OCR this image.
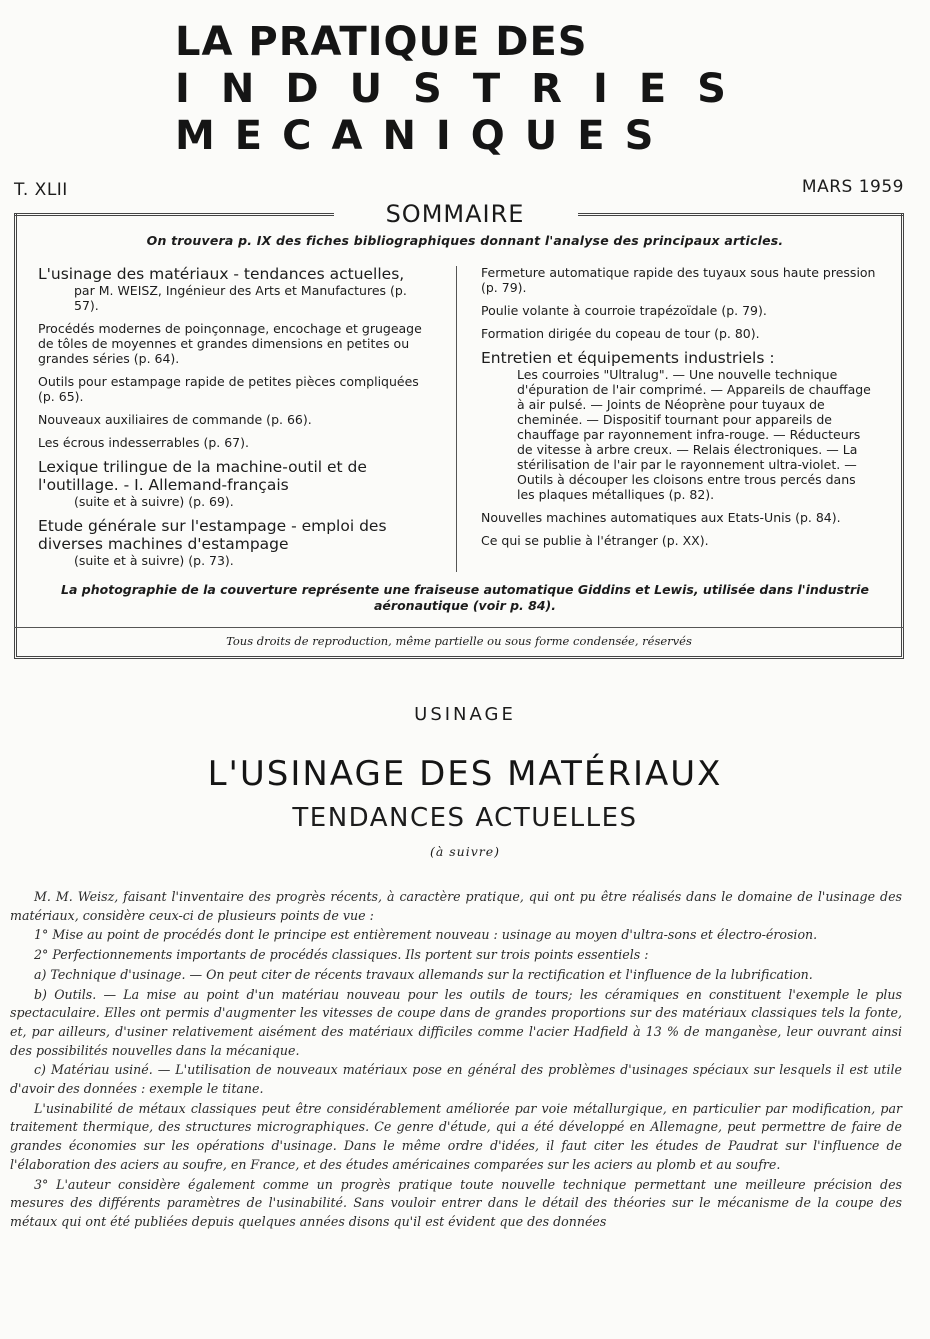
LA PRATIQUE DES
INDUSTRIES
MECANIQUES
T. XLII	MARS 1959
SOMMAIRE
On trouvera p. IX des fiches bibliographiques donnant l'analyse des principaux articles.
L'usinage des matériaux - tendances actuelles,
par M. WEISZ, Ingénieur des Arts et Manufactures (p. 57).
Procédés modernes de poinçonnage, encochage et grugeage de tôles de moyennes et grandes dimensions en petites ou grandes séries (p. 64).
Outils pour estampage rapide de petites pièces compliquées (p. 65).
Nouveaux auxiliaires de commande (p. 66).
Les écrous indesserrables (p. 67).
Lexique trilingue de la machine-outil et de l'outillage. - I. Allemand-français
(suite et à suivre) (p. 69).
Etude générale sur l'estampage - emploi des diverses machines d'estampage
(suite et à suivre) (p. 73).
Fermeture automatique rapide des tuyaux sous haute pression (p. 79).
Poulie volante à courroie trapézoïdale (p. 79).
Formation dirigée du copeau de tour (p. 80).
Entretien et équipements industriels :
Les courroies "Ultralug". — Une nouvelle technique d'épuration de l'air comprimé. — Appareils de chauffage à air pulsé. — Joints de Néoprène pour tuyaux de cheminée. — Dispositif tournant pour appareils de chauffage par rayonnement infra-rouge. — Réducteurs de vitesse à arbre creux. — Relais électroniques. — La stérilisation de l'air par le rayonnement ultra-violet. — Outils à découper les cloisons entre trous percés dans les plaques métalliques (p. 82).
Nouvelles machines automatiques aux Etats-Unis (p. 84).
Ce qui se publie à l'étranger (p. XX).
La photographie de la couverture représente une fraiseuse automatique Giddins et Lewis, utilisée dans l'industrie aéronautique (voir p. 84).
Tous droits de reproduction, même partielle ou sous forme condensée, réservés
USINAGE
L'USINAGE DES MATÉRIAUX
TENDANCES ACTUELLES
(à suivre)

M. M. Weisz, faisant l'inventaire des progrès récents, à caractère pratique, qui ont pu être réalisés dans le domaine de l'usinage des matériaux, considère ceux-ci de plusieurs points de vue :

1° Mise au point de procédés dont le principe est entièrement nouveau : usinage au moyen d'ultra-sons et électro-érosion.

2° Perfectionnements importants de procédés classiques. Ils portent sur trois points essentiels :

a) Technique d'usinage. — On peut citer de récents travaux allemands sur la rectification et l'influence de la lubrification.

b) Outils. — La mise au point d'un matériau nouveau pour les outils de tours; les céramiques en constituent l'exemple le plus spectaculaire. Elles ont permis d'augmenter les vitesses de coupe dans de grandes proportions sur des matériaux classiques tels la fonte, et, par ailleurs, d'usiner relativement aisément des matériaux difficiles comme l'acier Hadfield à 13 % de manganèse, leur ouvrant ainsi des possibilités nouvelles dans la mécanique.

c) Matériau usiné. — L'utilisation de nouveaux matériaux pose en général des problèmes d'usinages spéciaux sur lesquels il est utile d'avoir des données : exemple le titane.

L'usinabilité de métaux classiques peut être considérablement améliorée par voie métallurgique, en particulier par modification, par traitement thermique, des structures micrographiques. Ce genre d'étude, qui a été développé en Allemagne, peut permettre de faire de grandes économies sur les opérations d'usinage. Dans le même ordre d'idées, il faut citer les études de Paudrat sur l'influence de l'élaboration des aciers au soufre, en France, et des études américaines comparées sur les aciers au plomb et au soufre.

3° L'auteur considère également comme un progrès pratique toute nouvelle technique permettant une meilleure précision des mesures des différents paramètres de l'usinabilité. Sans vouloir entrer dans le détail des théories sur le mécanisme de la coupe des métaux qui ont été publiées depuis quelques années disons qu'il est évident que des données
